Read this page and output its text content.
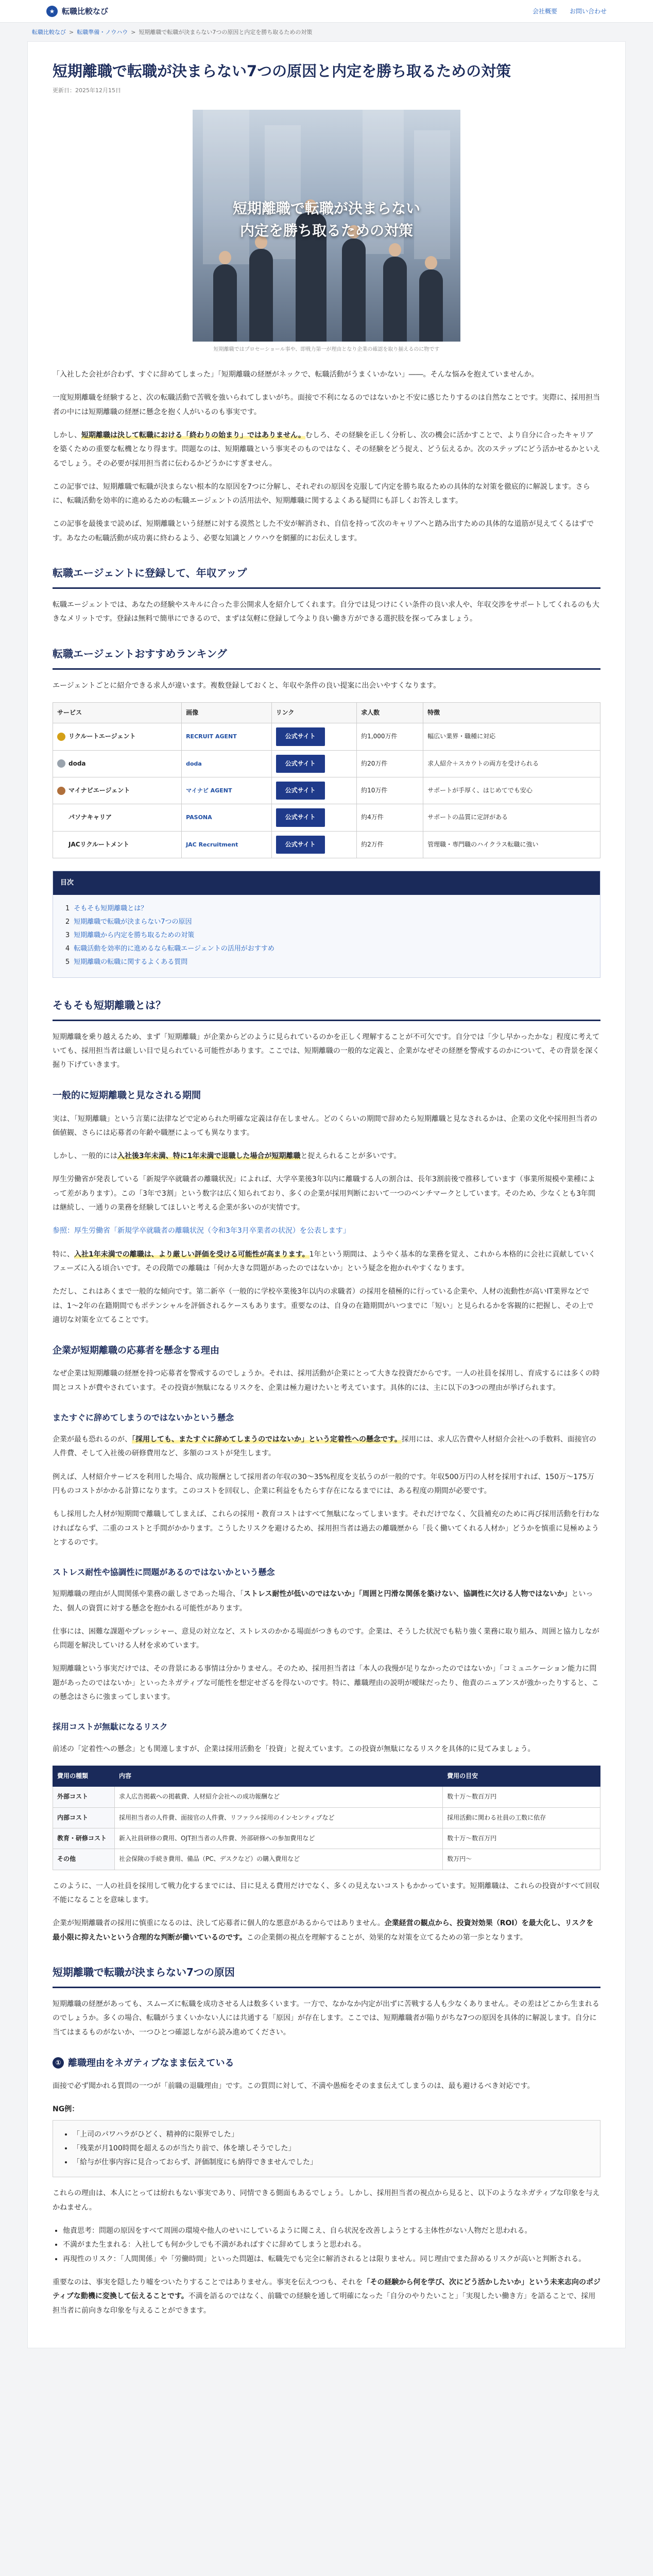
★ 転職比較なび	会社概要 お問い合わせ
転職比較なび > 転職準備・ノウハウ > 短期離職で転職が決まらない7つの原因と内定を勝ち取るための対策
短期離職で転職が決まらない7つの原因と内定を勝ち取るための対策
更新日：2025年12月15日
短期離職で転職が決まらない
内定を勝ち取るための対策
短期離職ではプロセーショール事や、即戦力第一が理由となり企業の確認を取り揃えるのに物です

「入社した会社が合わず、すぐに辞めてしまった」「短期離職の経歴がネックで、転職活動がうまくいかない」――。そんな悩みを抱えていませんか。

一度短期離職を経験すると、次の転職活動で苦戦を強いられてしまいがち。面接で不利になるのではないかと不安に感じたりするのは自然なことです。実際に、採用担当者の中には短期離職の経歴に懸念を抱く人がいるのも事実です。

しかし、短期離職は決して転職における「終わりの始まり」ではありません。むしろ、その経験を正しく分析し、次の機会に活かすことで、より自分に合ったキャリアを築くための重要な転機となり得ます。問題なのは、短期離職という事実そのものではなく、その経験をどう捉え、どう伝えるか。次のステップにどう活かせるかといえるでしょう。その必要が採用担当者に伝わるかどうかにすぎません。

この記事では、短期離職で転職が決まらない根本的な原因を7つに分解し、それぞれの原因を克服して内定を勝ち取るための具体的な対策を徹底的に解説します。さらに、転職活動を効率的に進めるための転職エージェントの活用法や、短期離職に関するよくある疑問にも詳しくお答えします。

この記事を最後まで読めば、短期離職という経歴に対する漠然とした不安が解消され、自信を持って次のキャリアへと踏み出すための具体的な道筋が見えてくるはずです。あなたの転職活動が成功裏に終わるよう、必要な知識とノウハウを網羅的にお伝えします。

転職エージェントに登録して、年収アップ

転職エージェントでは、あなたの経験やスキルに合った非公開求人を紹介してくれます。自分では見つけにくい条件の良い求人や、年収交渉をサポートしてくれるのも大きなメリットです。登録は無料で簡単にできるので、まずは気軽に登録して今より良い働き方ができる選択肢を探ってみましょう。

転職エージェントおすすめランキング

エージェントごとに紹介できる求人が違います。複数登録しておくと、年収や条件の良い提案に出会いやすくなります。

サービス	画像	リンク	求人数	特徴
リクルートエージェント	RECRUIT AGENT	公式サイト	約1,000万件	幅広い業界・職種に対応
doda	doda	公式サイト	約20万件	求人紹介＋スカウトの両方を受けられる
マイナビエージェント	マイナビ AGENT	公式サイト	約10万件	サポートが手厚く、はじめてでも安心
パソナキャリア	PASONA	公式サイト	約4万件	サポートの品質に定評がある
JACリクルートメント	JAC Recruitment	公式サイト	約2万件	管理職・専門職のハイクラス転職に強い
目次
1 そもそも短期離職とは？
2 短期離職で転職が決まらない7つの原因
3 短期離職から内定を勝ち取るための対策
4 転職活動を効率的に進めるなら転職エージェントの活用がおすすめ
5 短期離職の転職に関するよくある質問
そもそも短期離職とは？

短期離職を乗り越えるため、まず「短期離職」が企業からどのように見られているのかを正しく理解することが不可欠です。自分では「少し早かったかな」程度に考えていても、採用担当者は厳しい目で見られている可能性があります。ここでは、短期離職の一般的な定義と、企業がなぜその経歴を警戒するのかについて、その背景を深く掘り下げていきます。

一般的に短期離職と見なされる期間

実は、「短期離職」という言葉に法律などで定められた明確な定義は存在しません。どのくらいの期間で辞めたら短期離職と見なされるかは、企業の文化や採用担当者の価値観、さらには応募者の年齢や職歴によっても異なります。

しかし、一般的には入社後3年未満、特に1年未満で退職した場合が短期離職と捉えられることが多いです。

厚生労働省が発表している「新規学卒就職者の離職状況」によれば、大学卒業後3年以内に離職する人の割合は、長年3割前後で推移しています（事業所規模や業種によって差があります）。この「3年で3割」という数字は広く知られており、多くの企業が採用判断において一つのベンチマークとしています。そのため、少なくとも3年間は継続し、一通りの業務を経験してほしいと考える企業が多いのが実情です。

参照：厚生労働省「新規学卒就職者の離職状況（令和3年3月卒業者の状況）を公表します」

特に、入社1年未満での離職は、より厳しい評価を受ける可能性が高まります。1年という期間は、ようやく基本的な業務を覚え、これから本格的に会社に貢献していくフェーズに入る頃合いです。その段階での離職は「何か大きな問題があったのではないか」という疑念を抱かれやすくなります。

ただし、これはあくまで一般的な傾向です。第二新卒（一般的に学校卒業後3年以内の求職者）の採用を積極的に行っている企業や、人材の流動性が高いIT業界などでは、1〜2年の在籍期間でもポテンシャルを評価されるケースもあります。重要なのは、自身の在籍期間がいつまでに「短い」と見られるかを客観的に把握し、その上で適切な対策を立てることです。

企業が短期離職の応募者を懸念する理由

なぜ企業は短期離職の経歴を持つ応募者を警戒するのでしょうか。それは、採用活動が企業にとって大きな投資だからです。一人の社員を採用し、育成するには多くの時間とコストが費やされています。その投資が無駄になるリスクを、企業は極力避けたいと考えています。具体的には、主に以下の3つの理由が挙げられます。

またすぐに辞めてしまうのではないかという懸念

企業が最も恐れるのが、「採用しても、またすぐに辞めてしまうのではないか」という定着性への懸念です。採用には、求人広告費や人材紹介会社への手数料、面接官の人件費、そして入社後の研修費用など、多額のコストが発生します。

例えば、人材紹介サービスを利用した場合、成功報酬として採用者の年収の30〜35%程度を支払うのが一般的です。年収500万円の人材を採用すれば、150万〜175万円ものコストがかかる計算になります。このコストを回収し、企業に利益をもたらす存在になるまでには、ある程度の期間が必要です。

もし採用した人材が短期間で離職してしまえば、これらの採用・教育コストはすべて無駄になってしまいます。それだけでなく、欠員補充のために再び採用活動を行わなければならず、二重のコストと手間がかかります。こうしたリスクを避けるため、採用担当者は過去の離職歴から「長く働いてくれる人材か」どうかを慎重に見極めようとするのです。

ストレス耐性や協調性に問題があるのではないかという懸念

短期離職の理由が人間関係や業務の厳しさであった場合、「ストレス耐性が低いのではないか」「周囲と円滑な関係を築けない、協調性に欠ける人物ではないか」といった、個人の資質に対する懸念を抱かれる可能性があります。

仕事には、困難な課題やプレッシャー、意見の対立など、ストレスのかかる場面がつきものです。企業は、そうした状況でも粘り強く業務に取り組み、周囲と協力しながら問題を解決していける人材を求めています。

短期離職という事実だけでは、その背景にある事情は分かりません。そのため、採用担当者は「本人の我慢が足りなかったのではないか」「コミュニケーション能力に問題があったのではないか」といったネガティブな可能性を想定せざるを得ないのです。特に、離職理由の説明が曖昧だったり、他責のニュアンスが強かったりすると、この懸念はさらに強まってしまいます。

採用コストが無駄になるリスク

前述の「定着性への懸念」とも関連しますが、企業は採用活動を「投資」と捉えています。この投資が無駄になるリスクを具体的に見てみましょう。

費用の種類	内容	費用の目安
外部コスト	求人広告掲載への掲載費、人材紹介会社への成功報酬など	数十万〜数百万円
内部コスト	採用担当者の人件費、面接官の人件費、リファラル採用のインセンティブなど	採用活動に関わる社員の工数に依存
教育・研修コスト	新入社員研修の費用、OJT担当者の人件費、外部研修への参加費用など	数十万〜数百万円
その他	社会保険の手続き費用、備品（PC、デスクなど）の購入費用など	数万円〜

このように、一人の社員を採用して戦力化するまでには、目に見える費用だけでなく、多くの見えないコストもかかっています。短期離職は、これらの投資がすべて回収不能になることを意味します。

企業が短期離職者の採用に慎重になるのは、決して応募者に個人的な悪意があるからではありません。企業経営の観点から、投資対効果（ROI）を最大化し、リスクを最小限に抑えたいという合理的な判断が働いているのです。この企業側の視点を理解することが、効果的な対策を立てるための第一歩となります。

短期離職で転職が決まらない7つの原因

短期離職の経歴があっても、スムーズに転職を成功させる人は数多くいます。一方で、なかなか内定が出ずに苦戦する人も少なくありません。その差はどこから生まれるのでしょうか。多くの場合、転職がうまくいかない人には共通する「原因」が存在します。ここでは、短期離職者が陥りがちな7つの原因を具体的に解説します。自分に当てはまるものがないか、一つひとつ確認しながら読み進めてください。

① 離職理由をネガティブなまま伝えている

面接で必ず聞かれる質問の一つが「前職の退職理由」です。この質問に対して、不満や愚痴をそのまま伝えてしまうのは、最も避けるべき対応です。

NG例：
• 「上司のパワハラがひどく、精神的に限界でした」
• 「残業が月100時間を超えるのが当たり前で、体を壊しそうでした」
• 「給与が仕事内容に見合っておらず、評価制度にも納得できませんでした」

これらの理由は、本人にとっては紛れもない事実であり、同情できる側面もあるでしょう。しかし、採用担当者の視点から見ると、以下のようなネガティブな印象を与えかねません。

• 他責思考：問題の原因をすべて周囲の環境や他人のせいにしているように聞こえ、自ら状況を改善しようとする主体性がない人物だと思われる。
• 不満がまた生まれる：入社しても何か少しでも不満があればすぐに辞めてしまうと思われる。
• 再現性のリスク：「人間関係」や「労働時間」といった問題は、転職先でも完全に解消されるとは限りません。同じ理由でまた辞めるリスクが高いと判断される。

重要なのは、事実を隠したり嘘をついたりすることではありません。事実を伝えつつも、それを「その経験から何を学び、次にどう活かしたいか」という未来志向のポジティブな動機に変換して伝えることです。不満を語るのではなく、前職での経験を通して明確になった「自分のやりたいこと」「実現したい働き方」を語ることで、採用担当者に前向きな印象を与えることができます。
